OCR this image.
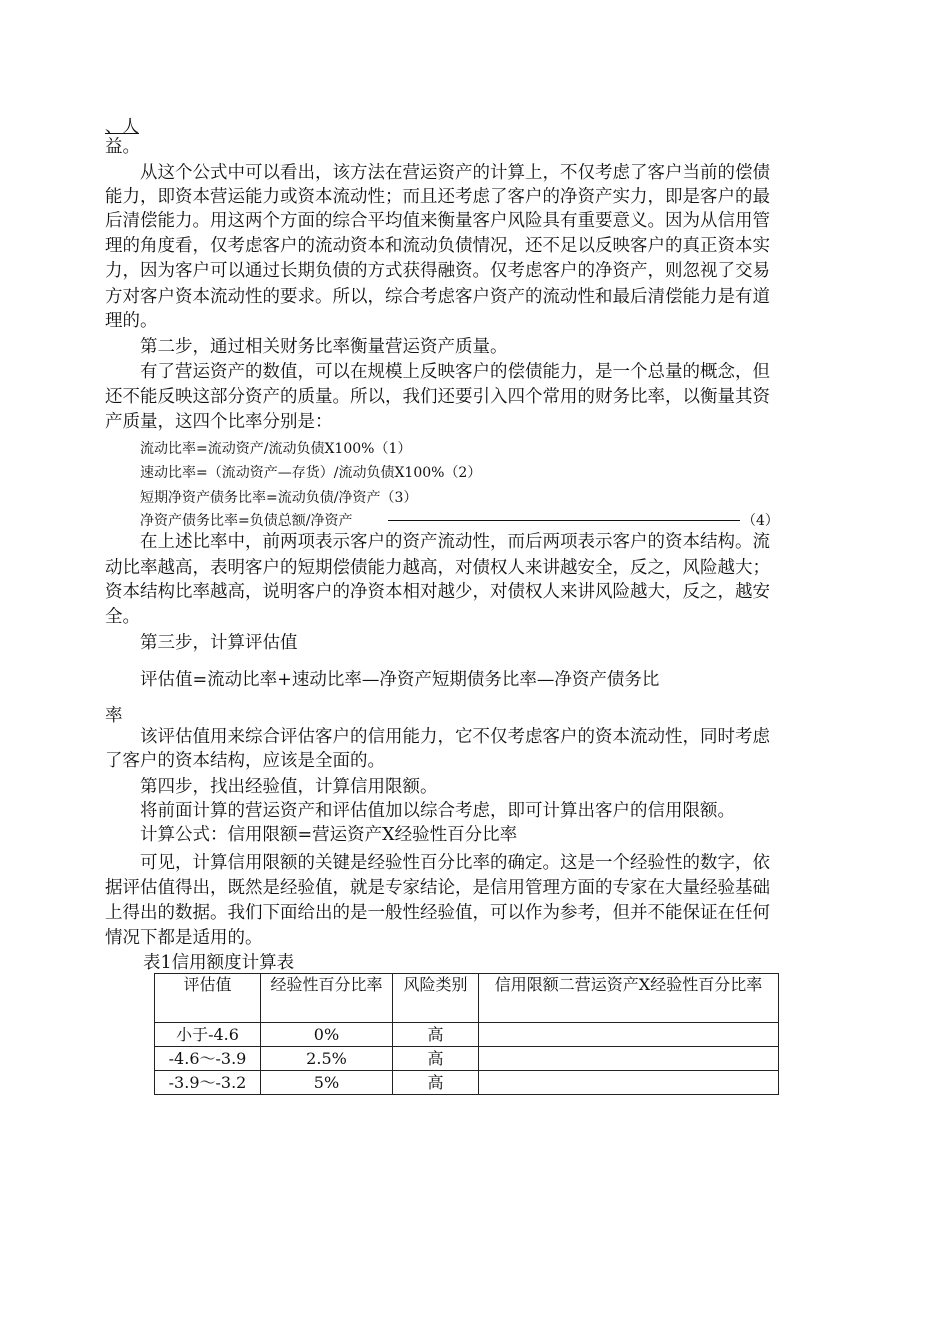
、人
益。
　　从这个公式中可以看出，该方法在营运资产的计算上，不仅考虑了客户当前的偿债
能力，即资本营运能力或资本流动性；而且还考虑了客户的净资产实力，即是客户的最
后清偿能力。用这两个方面的综合平均值来衡量客户风险具有重要意义。因为从信用管
理的角度看，仅考虑客户的流动资本和流动负债情况，还不足以反映客户的真正资本实
力，因为客户可以通过长期负债的方式获得融资。仅考虑客户的净资产，则忽视了交易
方对客户资本流动性的要求。所以，综合考虑客户资产的流动性和最后清偿能力是有道
理的。
　　第二步，通过相关财务比率衡量营运资产质量。
　　有了营运资产的数值，可以在规模上反映客户的偿债能力，是一个总量的概念，但
还不能反映这部分资产的质量。所以，我们还要引入四个常用的财务比率，以衡量其资
产质量，这四个比率分别是：
流动比率=流动资产/流动负债X100%（1）
速动比率=（流动资产—存货）/流动负债X100%（2）
短期净资产债务比率=流动负债/净资产（3）
净资产债务比率=负债总额/净资产	（4）
　　在上述比率中，前两项表示客户的资产流动性，而后两项表示客户的资本结构。流
动比率越高，表明客户的短期偿债能力越高，对债权人来讲越安全，反之，风险越大；
资本结构比率越高，说明客户的净资本相对越少，对债权人来讲风险越大，反之，越安
全。
　　第三步，计算评估值
　　评估值=流动比率+速动比率—净资产短期债务比率—净资产债务比
率
　　该评估值用来综合评估客户的信用能力，它不仅考虑客户的资本流动性，同时考虑
了客户的资本结构，应该是全面的。
　　第四步，找出经验值，计算信用限额。
　　将前面计算的营运资产和评估值加以综合考虑，即可计算出客户的信用限额。
　　计算公式：信用限额=营运资产X经验性百分比率
　　可见，计算信用限额的关键是经验性百分比率的确定。这是一个经验性的数字，依
据评估值得出，既然是经验值，就是专家结论，是信用管理方面的专家在大量经验基础
上得出的数据。我们下面给出的是一般性经验值，可以作为参考，但并不能保证在任何
情况下都是适用的。
表1信用额度计算表
评估值	经验性百分比率	风险类别	信用限额二营运资产X经验性百分比率
小于-4.6	0%	高	
-4.6〜-3.9	2.5%	高	
-3.9〜-3.2	5%	高	
